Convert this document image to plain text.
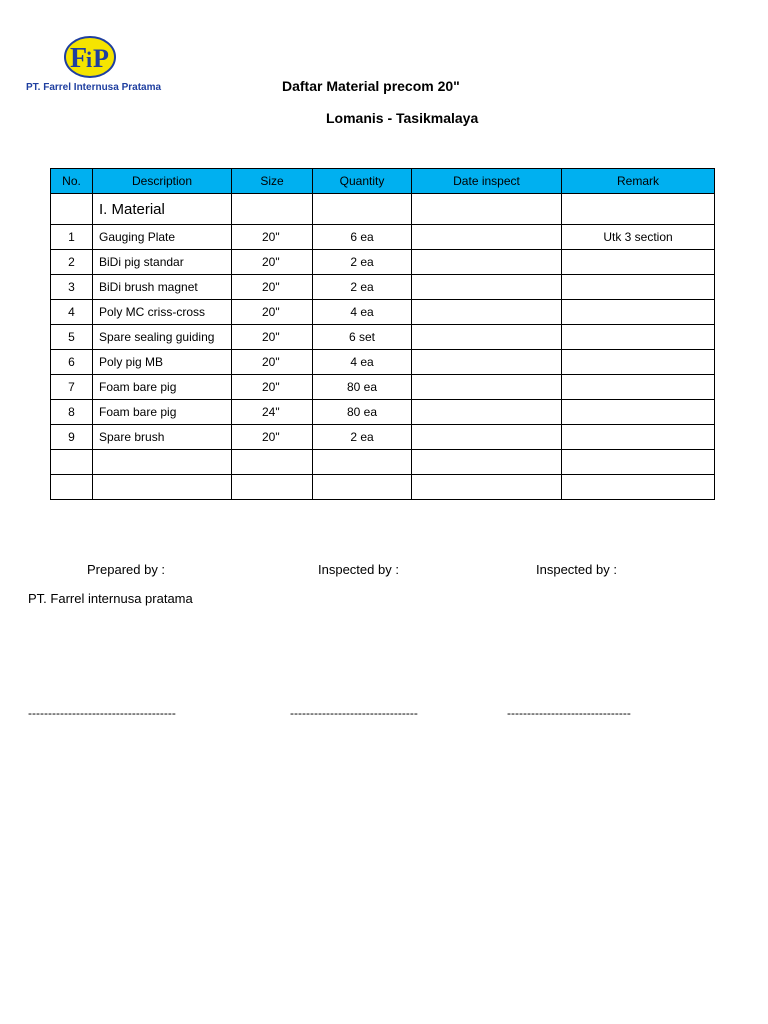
F
i P
PT. Farrel Internusa Pratama	Daftar Material precom 20"
Lomanis - Tasikmalaya
No.	Description	Size	Quantity	Date inspect	Remark
	I. Material				
1	Gauging Plate	20"	6 ea		Utk 3 section
2	BiDi pig standar	20"	2 ea		
3	BiDi brush magnet	20"	2 ea		
4	Poly MC criss-cross	20"	4 ea		
5	Spare sealing guiding	20"	6 set		
6	Poly pig MB	20"	4 ea		
7	Foam bare pig	20"	80 ea		
8	Foam bare pig	24"	80 ea		
9	Spare brush	20"	2 ea		

Prepared by :	Inspected by :	Inspected by :
PT. Farrel internusa pratama
-------------------------------------	--------------------------------	-------------------------------
